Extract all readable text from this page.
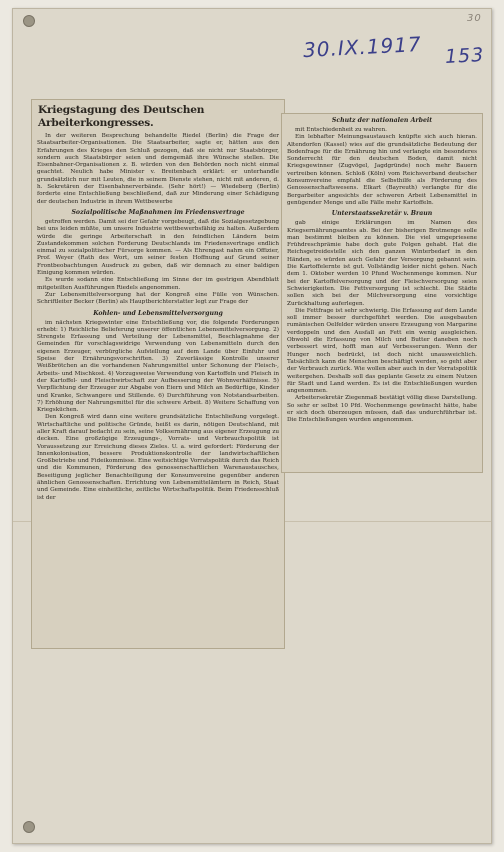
30
30.IX.1917 153
Kriegstagung des Deutschen Arbeiterkongresses.

In der weiteren Besprechung behandelte Riedel (Berlin) die Frage der Staatsarbeiter-Organisationen. Die Staatsarbeiter, sagte er, hätten aus den Erfahrungen des Krieges den Schluß gezogen, daß sie nicht nur Staatsbürger, sondern auch Staatsbürger seien und demgemäß ihre Wünsche stellen. Die Eisenbahner-Organisationen z. B. würden von den Behörden noch nicht einmal geachtet. Neulich habe Minister v. Breitenbach erklärt: er unterhandle grundsätzlich nur mit Leuten, die in seinem Dienste stehen, nicht mit anderen, d. h. Sekretären der Eisenbahnerverbände. (Sehr hört!) — Wiedeberg (Berlin) forderte eine Entschließung beschließend, daß zur Minderung einer Schädigung der deutschen Industrie in ihrem Wettbewerbe

Sozialpolitische Maßnahmen im Friedensvertrage

getroffen werden. Damit sei der Gefahr vorgebeugt, daß die Sozialgesetzgebung bei uns leiden müßte, um unsere Industrie wettbewerbsfähig zu halten. Außerdem würde die geringe Arbeiterschaft in den feindlichen Ländern beim Zustandekommen solchen Forderung Deutschlands im Friedensvertrage endlich einmal zu sozialpolitischer Fürsorge kommen. — Als Ehrengast nahm ein Offizier, Prof. Weyer (Rath des Wort, um seiner festen Hoffnung auf Grund seiner Frontbeobachtungen Ausdruck zu geben, daß wir demnach zu einer baldigen Einigung kommen würden.

Es wurde sodann eine Entschließung im Sinne der im gestrigen Abendblatt mitgeteilten Ausführungen Riedels angenommen.

Zur Lebensmittelversorgung hat der Kongreß eine Fülle von Wünschen. Schriftleiter Becker (Berlin) als Hauptberichterstatter legt zur Frage der

Kohlen- und Lebensmittelversorgung

im nächsten Kriegswinter eine Entschließung vor, die folgende Forderungen erhebt: 1) Reichliche Belieferung unserer öffentlichen Lebensmittelversorgung. 2) Strengste Erfassung und Verteilung der Lebensmittel, Beschlagnahme der Gemeinden für vorschlagswidrige Verwendung von Lebensmitteln durch den eigenen Erzeuger, verbürgliche Aufstellung auf dem Lande über Einfuhr und Speise der Ernährungsvorschriften. 3) Zuverlässige Kontrolle unserer Weißbrötchen an die vorhandenen Nahrungsmittel unter Schonung der Fleisch-, Arbeits- und Mischkost. 4) Vorzugsweise Verwendung von Kartoffeln und Fleisch in der Kartoffel- und Fleischwirtschaft zur Aufbesserung der Wohnverhältnisse. 5) Verpflichtung der Erzeuger zur Abgabe von Eiern und Milch an Bedürftige, Kinder und Kranke, Schwangere und Stillende. 6) Durchführung von Notstandsarbeiten. 7) Erhöhung der Nahrungsmittel für die schwere Arbeit. 8) Weitere Schaffung von Kriegsküchen.

Den Kongreß wird dann eine weitere grundsätzliche Entschließung vorgelegt. Wirtschaftliche und politische Gründe, heißt es darin, nötigen Deutschland, mit aller Kraft darauf bedacht zu sein, seine Volksernährung aus eigener Erzeugung zu decken. Eine großzügige Erzeugungs-, Vorrats- und Verbrauchspolitik ist Voraussetzung zur Erreichung dieses Zieles. U. a. wird gefordert: Förderung der Innenkolonisation, bessere Produktionskontrolle der landwirtschaftlichen Großbetriebe und Fideikommisse. Eine weitsichtige Vorratspolitik durch das Reich und die Kommunen, Förderung des genossenschaftlichen Warenaustausches, Beseitigung jeglicher Benachteiligung der Konsumvereine gegenüber anderen ähnlichen Genossenschaften. Errichtung von Lebensmittelämtern in Reich, Staat und Gemeinde. Eine einheitliche, zeitliche Wirtschaftspolitik. Beim Friedensschluß ist der

Schutz der nationalen Arbeit

mit Entschiedenheit zu wahren.

Ein lebhafter Meinungsaustausch knüpfte sich auch hieran. Altendorfen (Kassel) wies auf die grundsätzliche Bedeutung der Bodenfrage für die Ernährung hin und verlangte ein besonderes Sonderrecht für den deutschen Boden, damit nicht Kriegsgewinner (Zugvögel, Jagdgründe) noch mehr Bauern vertreiben können. Schloß (Köln) vom Reichsverband deutscher Konsumvereine empfahl die Selbsthilfe als Förderung des Genossenschaftswesens. Elkart (Bayreuth) verlangte für die Bergarbeiter angesichts der schweren Arbeit Lebensmittel in genügender Menge und alle Fälle mehr Kartoffeln.

Unterstaatssekretär v. Braun

gab einige Erklärungen im Namen des Kriegsernährungsamtes ab. Bei der bisherigen Brotmenge solle man bestimmt bleiben zu können. Die viel umgepriesene Frühdreschprämie habe doch gute Folgen gehabt. Hat die Reichsgetreidestelle sich den ganzen Winterbedarf in den Händen, so würden auch Gefahr der Versorgung gebannt sein. Die Kartoffelernte ist gut. Vollständig leider nicht gehen. Nach dem 1. Oktober werden 10 Pfund Wochenmenge kommen. Nur bei der Kartoffelversorgung und der Fleischversorgung seien Schwierigkeiten. Die Fettversorgung ist schlecht. Die Städte sollen sich bei der Milchversorgung eine vorsichtige Zurückhaltung auferlegen.

Die Fettfrage ist sehr schwierig. Die Erfassung auf dem Lande soll immer besser durchgeführt werden. Die ausgebauten rumänischen Oelfelder würden unsere Erzeugung von Margarine verdoppeln und den Ausfall an Fett ein wenig ausgleichen. Obwohl die Erfassung von Milch und Butter daneben noch verbessert wird, hofft man auf Verbesserungen. Wenn der Hunger noch bedrückt, ist doch nicht unausweichlich. Tatsächlich kann die Menschen beschäftigt werden, so geht aber der Verbrauch zurück. Wie wollen aber auch in der Vorratspolitik weitergehen. Deshalb soll das geplante Gesetz zu einem Nutzen für Stadt und Land werden. Es ist die Entschließungen wurden angenommen.

Arbeitersekretär Ziegenmaß bestätigt völlig diese Darstellung. So sehr er selbst 10 Pfd. Wochenmenge gewünscht hätte, habe er sich doch überzeugen müssen, daß das undurchführbar ist. Die Entschließungen wurden angenommen.
